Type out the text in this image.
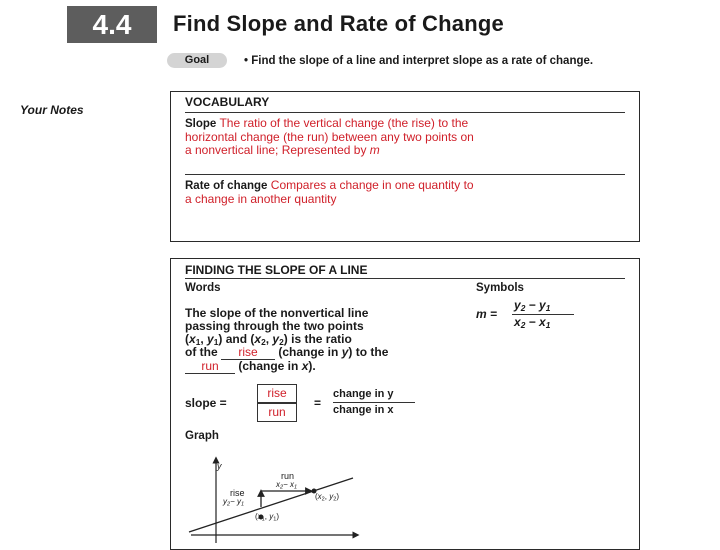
4.4	Find Slope and Rate of Change
Goal	• Find the slope of a line and interpret slope as a rate of change.
Your Notes
VOCABULARY
Slope The ratio of the vertical change (the rise) to the
horizontal change (the run) between any two points on
a nonvertical line; Represented by m
Rate of change Compares a change in one quantity to
a change in another quantity
FINDING THE SLOPE OF A LINE
Words	Symbols
m =
$y_2 - y_1$
$x_2 - x_1$
The slope of the nonvertical line
passing through the two points
($x_1$, $y_1$) and ($x_2$, $y_2$) is the ratio
of the rise (change in y) to the
run (change in x).
slope =
rise
run
=
change in y
change in x
Graph
y
run
$x_2- x_1$
rise
$y_2- y_1$
($x_2$, $y_2$)
($x_1$, $y_1$)
